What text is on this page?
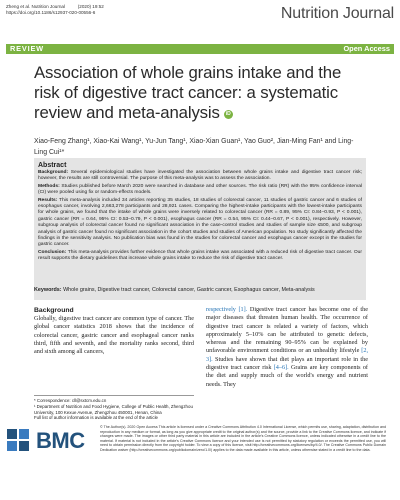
Zheng et al. Nutrition Journal          (2020) 19:52
https://doi.org/10.1186/s12937-020-00556-6	Nutrition Journal
REVIEW	Open Access
Association of whole grains intake and the risk of digestive tract cancer: a systematic review and meta-analysis iD

Xiao-Feng Zhang¹, Xiao-Kai Wang¹, Yu-Jun Tang¹, Xiao-Xian Guan¹, Yao Guo², Jian-Ming Fan¹ and Ling-Ling Cui¹*

Abstract

Background: Several epidemiological studies have investigated the association between whole grains intake and digestive tract cancer risk; however, the results are still controversial. The purpose of this meta-analysis was to assess the association.

Methods: Studies published before March 2020 were searched in database and other sources. The risk ratio (RR) with the 95% confidence interval (CI) were pooled using fix or random-effects models.

Results: This meta-analysis included 34 articles reporting 35 studies, 18 studies of colorectal cancer, 11 studies of gastric cancer and 6 studies of esophagus cancer, involving 2,663,278 participants and 28,921 cases. Comparing the highest-intake participants with the lowest-intake participants for whole grains, we found that the intake of whole grains were inversely related to colorectal cancer (RR = 0.89, 95% CI: 0.84–0.93, P < 0.001), gastric cancer (RR = 0.64, 95% CI: 0.53–0.79, P < 0.001), esophagus cancer (RR = 0.54, 95% CI: 0.44–0.67, P < 0.001), respectively. However, subgroup analysis of colorectal cancer found no significant association in the case-control studies and studies of sample size ≤500, and subgroup analysis of gastric cancer found no significant association in the cohort studies and studies of American population. No study significantly affected the findings in the sensitivity analysis. No publication bias was found in the studies for colorectal cancer and esophagus cancer except in the studies for gastric cancer.

Conclusion: This meta-analysis provides further evidence that whole grains intake was associated with a reduced risk of digestive tract cancer. Our result supports the dietary guidelines that increase whole grains intake to reduce the risk of digestive tract cancer.

Keywords: Whole grains, Digestive tract cancer, Colorectal cancer, Gastric cancer, Esophagus cancer, Meta-analysis
Background

Globally, digestive tract cancer are common type of cancer. The global cancer statistics 2018 shows that the incidence of colorectal cancer, gastric cancer and esophageal cancer ranks third, fifth and seventh, and the mortality ranks second, third and sixth among all cancers,

respectively [1]. Digestive tract cancer has become one of the major diseases that threaten human health. The occurrence of digestive tract cancer is related a variety of factors, which approximately 5–10% can be attributed to genetic defects, whereas and the remaining 90–95% can be explained by unfavorable environment conditions or an unhealthy lifestyle [2, 3]. Studies have shown that diet plays an important role in the digestive tract cancer risk [4–6]. Grains are key components of the diet and supply much of the world's energy and nutrient needs. They

* Correspondence: cll@sxtcm.edu.cn

¹ Department of Nutrition and Food Hygiene, College of Public Health, Zhengzhou University, 100 Kexue Avenue, Zhengzhou 450001, Henan, China

Full list of author information is available at the end of the article

BMC

© The Author(s). 2020 Open Access This article is licensed under a Creative Commons Attribution 4.0 International License, which permits use, sharing, adaptation, distribution and reproduction in any medium or format, as long as you give appropriate credit to the original author(s) and the source, provide a link to the Creative Commons licence, and indicate if changes were made. The images or other third party material in this article are included in the article's Creative Commons licence, unless indicated otherwise in a credit line to the material. If material is not included in the article's Creative Commons licence and your intended use is not permitted by statutory regulation or exceeds the permitted use, you will need to obtain permission directly from the copyright holder. To view a copy of this licence, visit http://creativecommons.org/licenses/by/4.0/. The Creative Commons Public Domain Dedication waiver (http://creativecommons.org/publicdomain/zero/1.0/) applies to the data made available in this article, unless otherwise stated in a credit line to the data.
